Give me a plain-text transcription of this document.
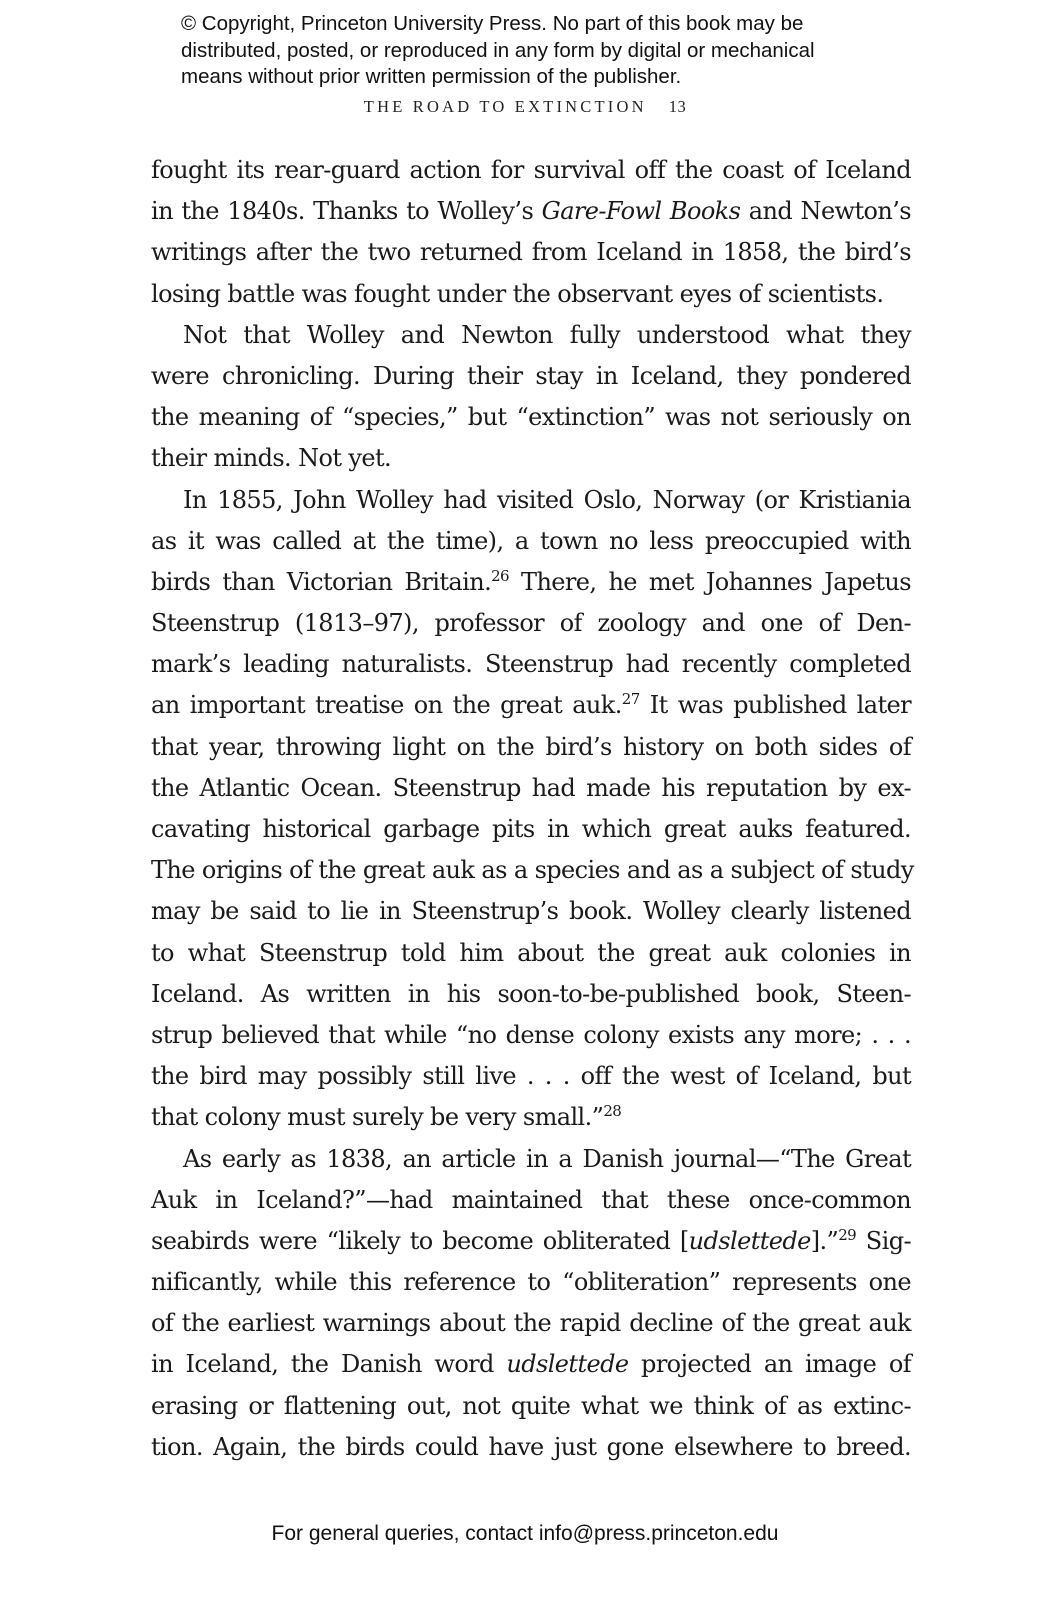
© Copyright, Princeton University Press. No part of this book may be
distributed, posted, or reproduced in any form by digital or mechanical
means without prior written permission of the publisher.
THE ROAD TO EXTINCTION 13
fought its rear-guard action for survival off the coast of Iceland
in the 1840s. Thanks to Wolley’s Gare-Fowl Books and Newton’s
writings after the two returned from Iceland in 1858, the bird’s
losing battle was fought under the observant eyes of scientists.
Not that Wolley and Newton fully understood what they
were chronicling. During their stay in Iceland, they pondered
the meaning of “species,” but “extinction” was not seriously on
their minds. Not yet.
In 1855, John Wolley had visited Oslo, Norway (or Kristiania
as it was called at the time), a town no less preoccupied with
birds than Victorian Britain.$^{26}$ There, he met Johannes Japetus
Steenstrup (1813–97), professor of zoology and one of Den-
mark’s leading naturalists. Steenstrup had recently completed
an important treatise on the great auk.$^{27}$ It was published later
that year, throwing light on the bird’s history on both sides of
the Atlantic Ocean. Steenstrup had made his reputation by ex-
cavating historical garbage pits in which great auks featured.
The origins of the great auk as a species and as a subject of study
may be said to lie in Steenstrup’s book. Wolley clearly listened
to what Steenstrup told him about the great auk colonies in
Iceland. As written in his soon-to-be-published book, Steen-
strup believed that while “no dense colony exists any more; . . .
the bird may possibly still live . . . off the west of Iceland, but
that colony must surely be very small.”$^{28}$
As early as 1838, an article in a Danish journal—“The Great
Auk in Iceland?”—had maintained that these once-common
seabirds were “likely to become obliterated [udslettede].”$^{29}$ Sig-
nificantly, while this reference to “obliteration” represents one
of the earliest warnings about the rapid decline of the great auk
in Iceland, the Danish word udslettede projected an image of
erasing or flattening out, not quite what we think of as extinc-
tion. Again, the birds could have just gone elsewhere to breed.
For general queries, contact info@press.princeton.edu
